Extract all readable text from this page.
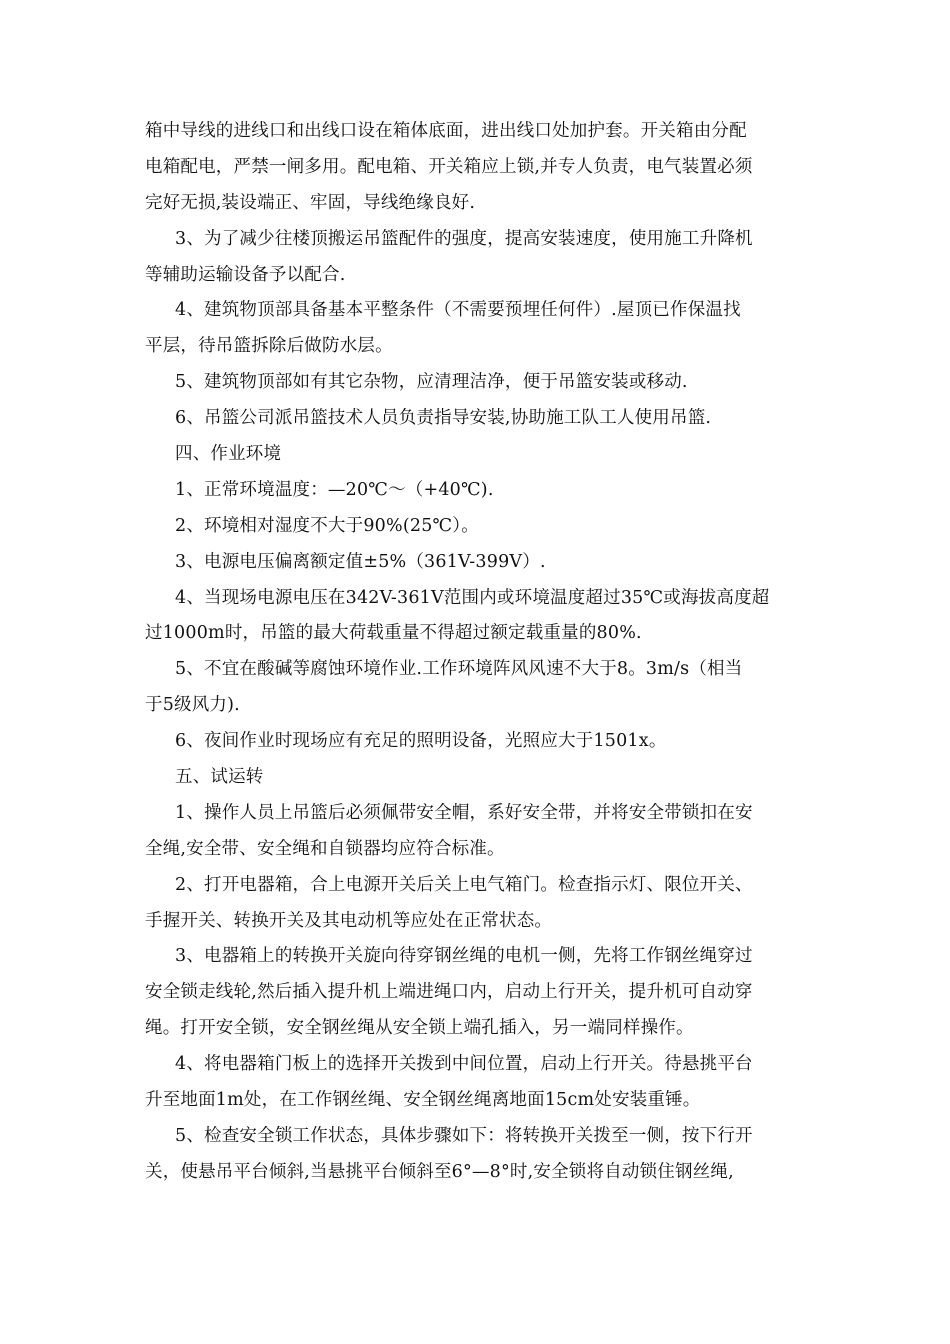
箱中导线的进线口和出线口设在箱体底面，进出线口处加护套。开关箱由分配
电箱配电，严禁一闸多用。配电箱、开关箱应上锁,并专人负责，电气装置必须
完好无损,装设端正、牢固，导线绝缘良好.
3、为了减少往楼顶搬运吊篮配件的强度，提高安装速度，使用施工升降机
等辅助运输设备予以配合.
4、建筑物顶部具备基本平整条件（不需要预埋任何件）.屋顶已作保温找
平层，待吊篮拆除后做防水层。
5、建筑物顶部如有其它杂物，应清理洁净，便于吊篮安装或移动.
6、吊篮公司派吊篮技术人员负责指导安装,协助施工队工人使用吊篮.
四、作业环境
1、正常环境温度：—20℃～（+40℃).
2、环境相对湿度不大于90%(25℃）。
3、电源电压偏离额定值±5%（361V-399V）.
4、当现场电源电压在342V-361V范围内或环境温度超过35℃或海拔高度超
过1000m时，吊篮的最大荷载重量不得超过额定载重量的80%.
5、不宜在酸碱等腐蚀环境作业.工作环境阵风风速不大于8。3m/s（相当
于5级风力).
6、夜间作业时现场应有充足的照明设备，光照应大于1501x。
五、试运转
1、操作人员上吊篮后必须佩带安全帽，系好安全带，并将安全带锁扣在安
全绳,安全带、安全绳和自锁器均应符合标准。
2、打开电器箱，合上电源开关后关上电气箱门。检查指示灯、限位开关、
手握开关、转换开关及其电动机等应处在正常状态。
3、电器箱上的转换开关旋向待穿钢丝绳的电机一侧，先将工作钢丝绳穿过
安全锁走线轮,然后插入提升机上端进绳口内，启动上行开关，提升机可自动穿
绳。打开安全锁，安全钢丝绳从安全锁上端孔插入，另一端同样操作。
4、将电器箱门板上的选择开关拨到中间位置，启动上行开关。待悬挑平台
升至地面1m处，在工作钢丝绳、安全钢丝绳离地面15cm处安装重锤。
5、检查安全锁工作状态，具体步骤如下：将转换开关拨至一侧，按下行开
关，使悬吊平台倾斜,当悬挑平台倾斜至6°—8°时,安全锁将自动锁住钢丝绳,
